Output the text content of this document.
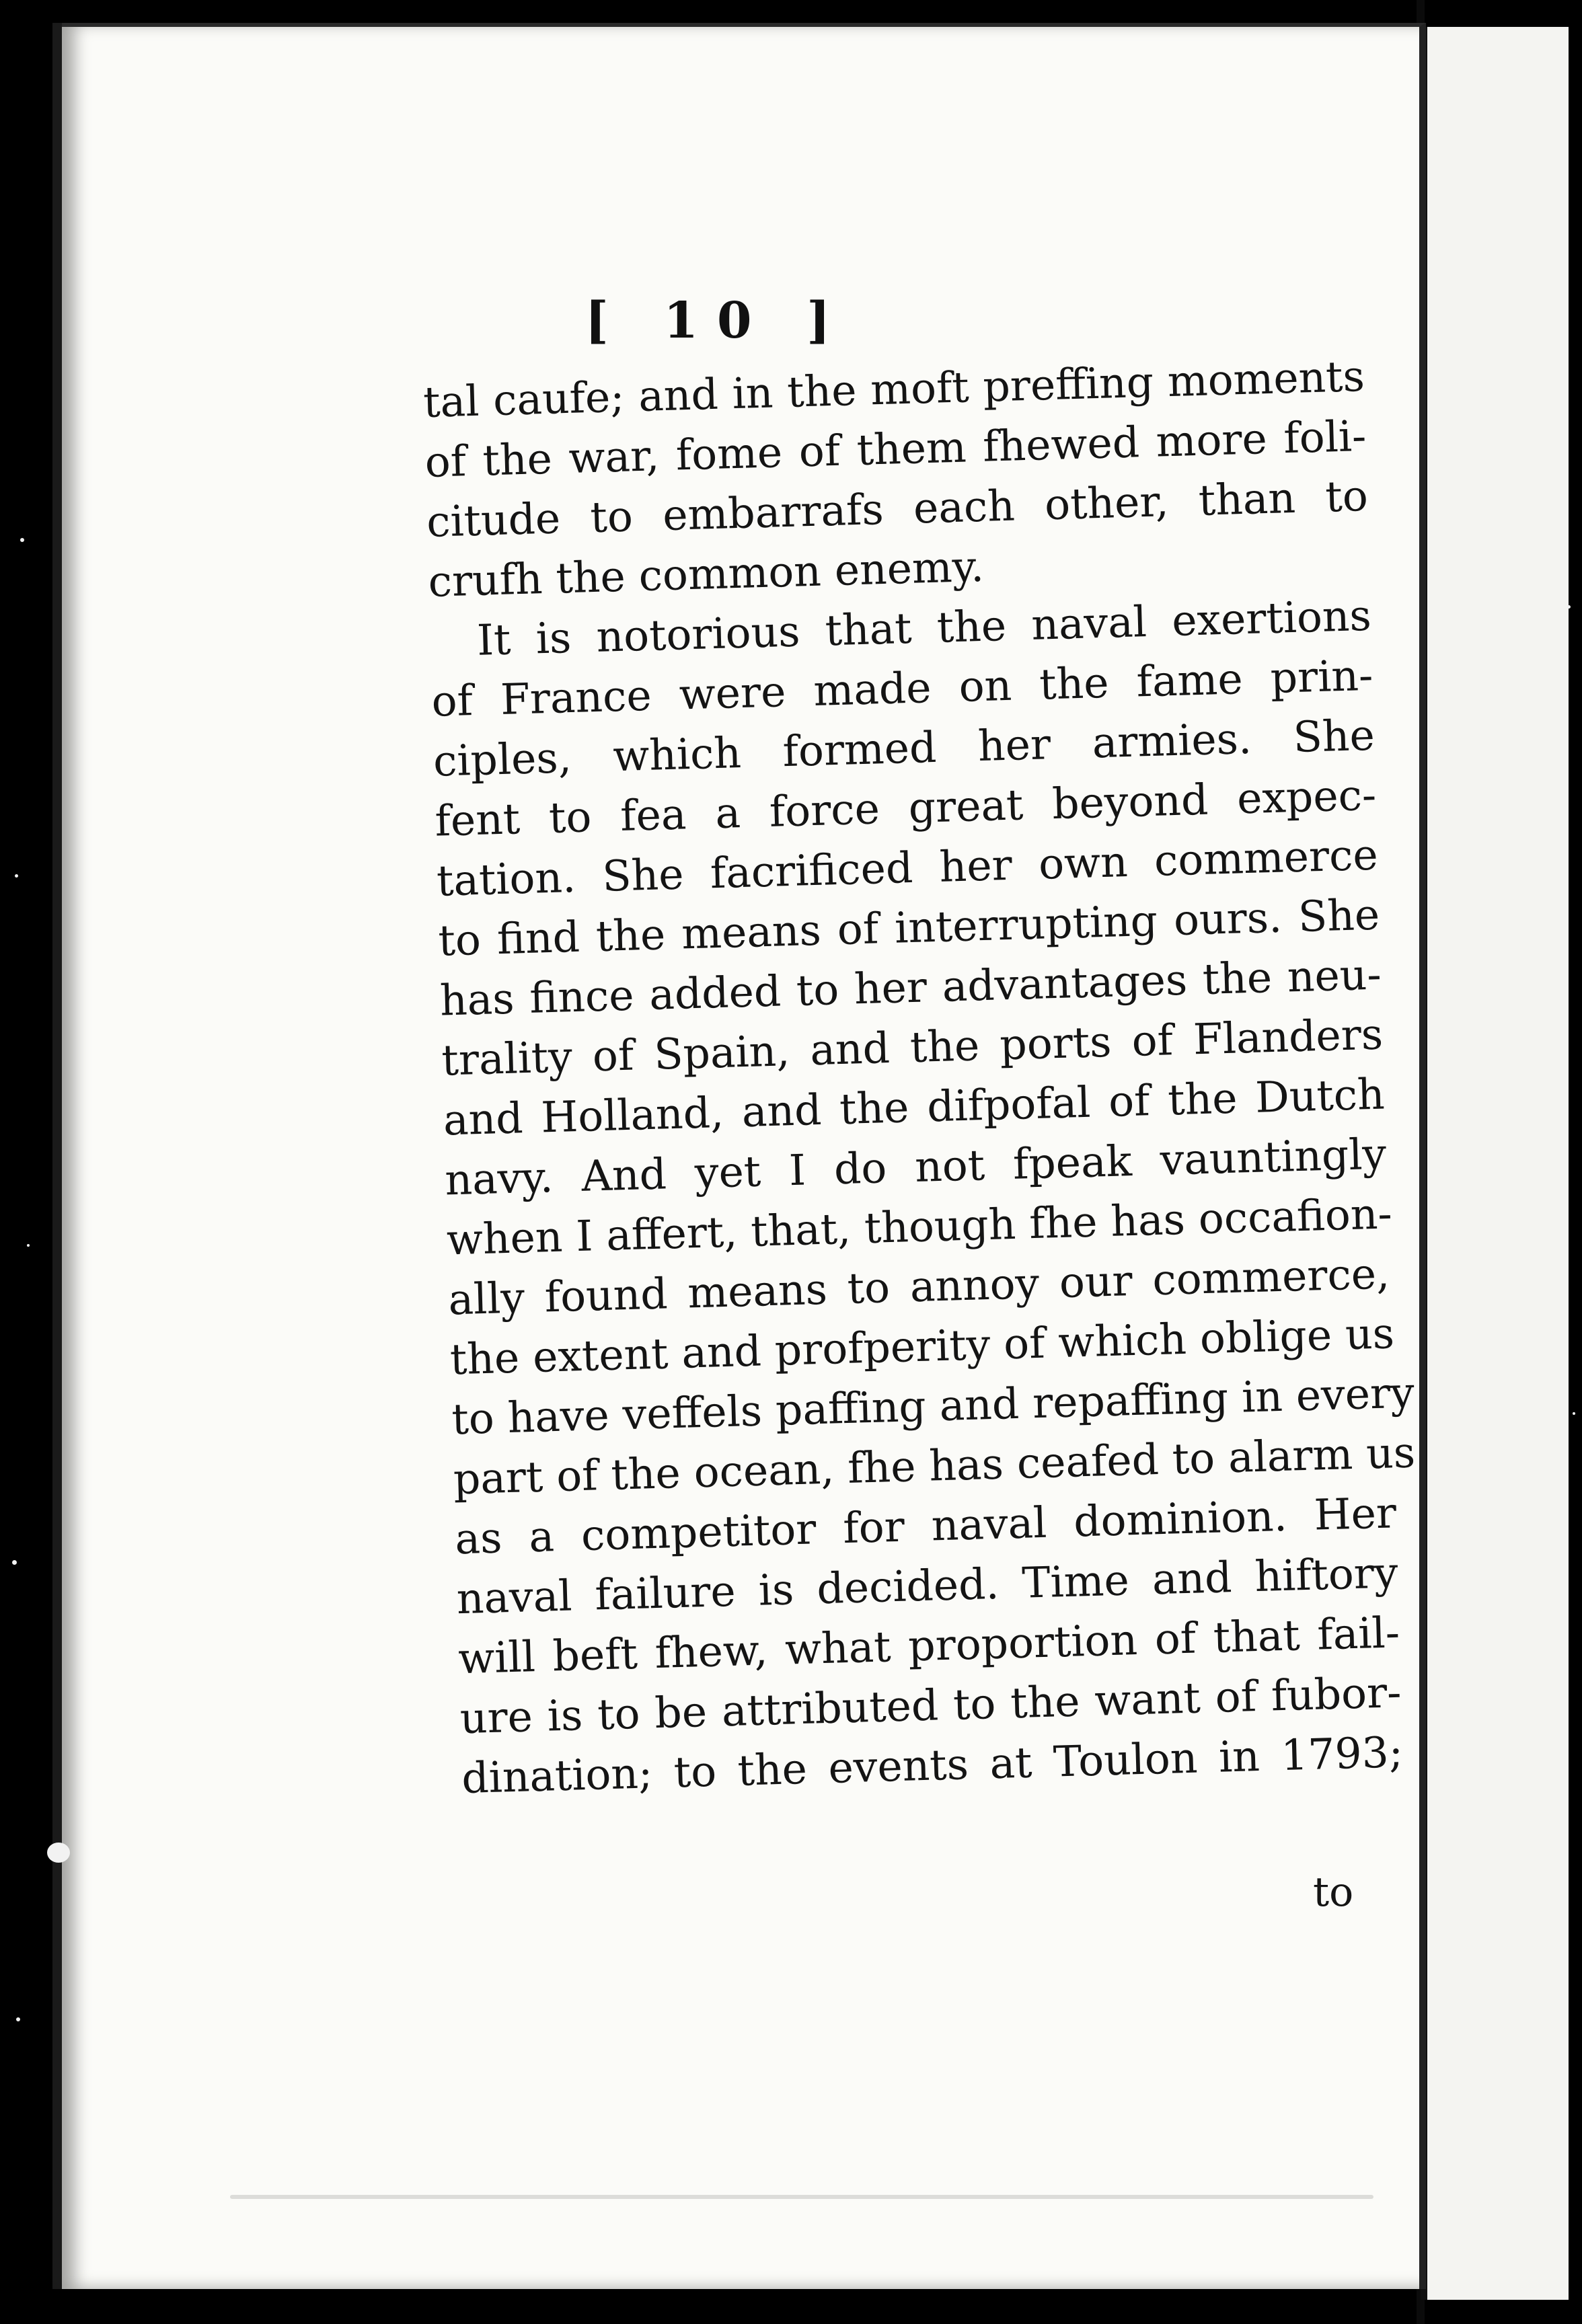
[ 10 ]
tal caufe; and in the moft preffing moments
of the war, fome of them fhewed more foli-
citude to embarrafs each other, than to
crufh the common enemy.
It is notorious that the naval exertions
of France were made on the fame prin-
ciples, which formed her armies. She
fent to fea a force great beyond expec-
tation. She facrificed her own commerce
to find the means of interrupting ours. She
has fince added to her advantages the neu-
trality of Spain, and the ports of Flanders
and Holland, and the difpofal of the Dutch
navy. And yet I do not fpeak vauntingly
when I affert, that, though fhe has occafion-
ally found means to annoy our commerce,
the extent and profperity of which oblige us
to have veffels paffing and repaffing in every
part of the ocean, fhe has ceafed to alarm us
as a competitor for naval dominion. Her
naval failure is decided. Time and hiftory
will beft fhew, what proportion of that fail-
ure is to be attributed to the want of fubor-
dination; to the events at Toulon in 1793;
to
